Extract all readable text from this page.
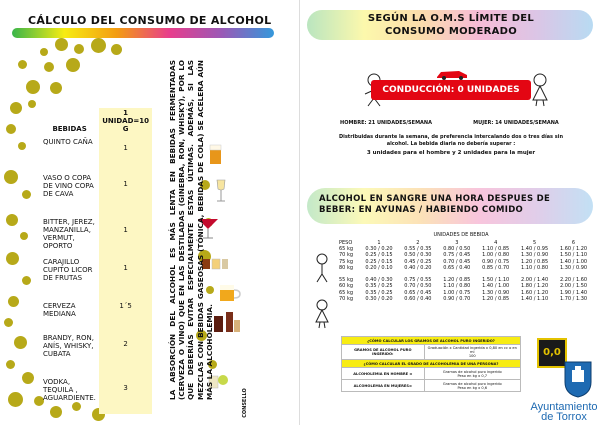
CÁLCULO DEL CONSUMO DE ALCOHOL
BEBIDAS	1 UNIDAD=10 G
QUINTO CAÑA	1
VASO O COPA DE VINO COPA DE CAVA	1
BITTER, JEREZ, MANZANILLA, VERMUT, OPORTO	1
CARAJILLO CUPITO LICOR DE FRUTAS	1
CERVEZA MEDIANA	1´5
BRANDY, RON, ANÍS, WHISKY, CUBATA	2
VODKA, TEQUILA , AGUARDIENTE.	3	LA ABSORCIÓN DEL ALCOHOL ES MÁS LENTA EN BEBIDAS FERMENTADAS (CERVEZA O VINO) QUE EN LAS DESTILADAS (GINEBRA, RON, WHISKY), POR LO QUE DEBERÍAS EVITAR ESPECIALMENTE ESTAS ÚLTIMAS. ADEMÁS, SI LAS MEZCLAS CON BEBIDAS GASEOSAS (TÓNICA, BEBIDAS DE COLA) SE ACELERA AÚN MÁS LA ALCOHOLEMIA.
CONSELLO
SEGÚN LA O.M.S LÍMITE DEL CONSUMO MODERADO
CONDUCCIÓN: 0 UNIDADES
HOMBRE: 21 UNIDADES/SEMANA	MUJER: 14 UNIDADES/SEMANA
Distribuidas durante la semana, de preferencia intercalando dos o tres días sin alcohol. La bebida diaria no debería superar :
3 unidades para el hombre y 2 unidades para la mujer
ALCOHOL EN SANGRE UNA HORA DESPUES DE BEBER: EN AYUNAS / HABIENDO COMIDO
UNIDADES DE BEBIDA
PESO	1	2	3	4	5	6
65 kg	0.30 / 0.20	0.55 / 0.35	0.80 / 0.50	1.10 / 0.85	1.40 / 0.95	1.60 / 1.20
70 kg	0.25 / 0.15	0.50 / 0.30	0.75 / 0.45	1.00 / 0.80	1.30 / 0.90	1.50 / 1.10
75 kg	0.25 / 0.15	0.45 / 0.25	0.70 / 0.45	0.90 / 0.75	1.20 / 0.85	1.40 / 1.00
80 kg	0.20 / 0.10	0.40 / 0.20	0.65 / 0.40	0.85 / 0.70	1.10 / 0.80	1.30 / 0.90

55 kg	0.40 / 0.30	0.75 / 0.55	1.20 / 0.85	1.50 / 1.10	2.00 / 1.40	2.20 / 1.60
60 kg	0.35 / 0.25	0.70 / 0.50	1.10 / 0.80	1.40 / 1.00	1.80 / 1.20	2.00 / 1.50
65 kg	0.35 / 0.25	0.65 / 0.45	1.00 / 0.75	1.30 / 0.90	1.60 / 1.20	1.90 / 1.40
70 kg	0.30 / 0.20	0.60 / 0.40	0.90 / 0.70	1.20 / 0.85	1.40 / 1.10	1.70 / 1.30
¿CÓMO CALCULAR LOS GRAMOS DE ALCOHOL PURO INGERIDO?	
GRAMOS DE ALCOHOL PURO INGERIDO:	Graduación x Cantidad ingerida x 0,80 en cc o en ml
100
¿CÓMO CALCULAR EL GRADO DE ALCOHOLEMIA DE UNA PERSONA?	
ALCOHOLEMIA EN HOMBRE =	Gramos de alcohol puro ingerido
Peso en kg x 0,7
ALCOHOLEMIA EN MUJERES=	Gramos de alcohol puro ingerido
Peso en kg x 0,6
0,0
Ayuntamiento de Torrox
